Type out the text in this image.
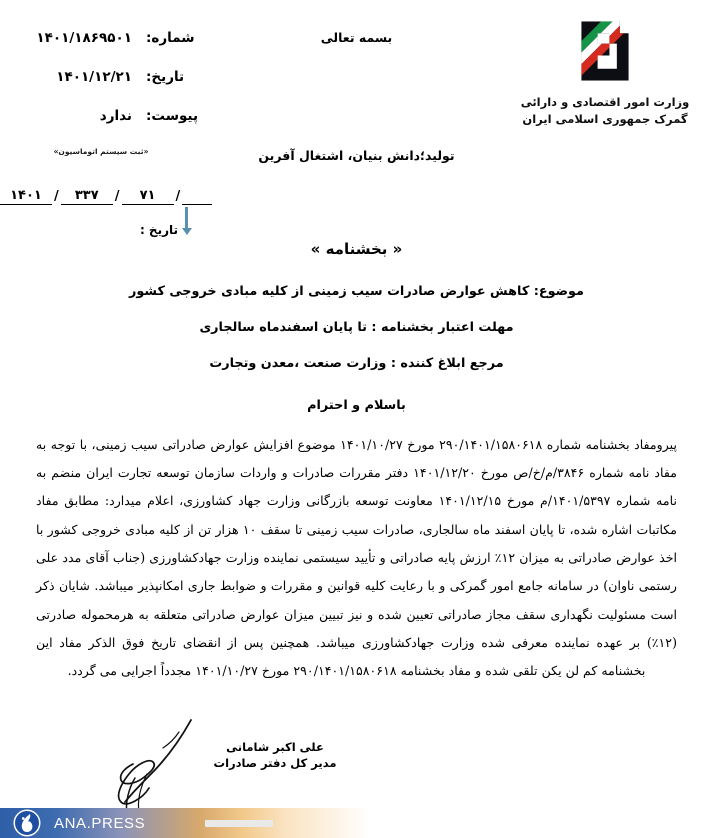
وزارت امور اقتصادی و دارائی
گمرک جمهوری اسلامی ایران
بسمه تعالی
تولید؛دانش بنیان، اشتغال آفرین
شماره:
۱۴۰۱/۱۸۶۹۵۰۱
تاریخ:
۱۴۰۱/۱۲/۲۱
پیوست:
ندارد
«ثبت سیستم اتوماسیون»
۱۴۰۱ /	۳۳۷	/	۷۱	/
تاریخ :
« بخشنامه »
موضوع: کاهش عوارض صادرات سیب زمینی از کلیه مبادی خروجی کشور
مهلت اعتبار بخشنامه : تا پایان اسفندماه سالجاری
مرجع ابلاغ کننده : وزارت صنعت ،معدن وتجارت
باسلام و احترام

پیرومفاد بخشنامه شماره ۲۹۰/۱۴۰۱/۱۵۸۰۶۱۸ مورخ ۱۴۰۱/۱۰/۲۷ موضوع افزایش عوارض صادراتی سیب زمینی، با توجه به مفاد نامه شماره ۳۸۴۶/م/خ/ص مورخ ۱۴۰۱/۱۲/۲۰ دفتر مقررات صادرات و واردات سازمان توسعه تجارت ایران منضم به نامه شماره ۱۴۰۱/۵۳۹۷/م مورخ ۱۴۰۱/۱۲/۱۵ معاونت توسعه بازرگانی وزارت جهاد کشاورزی، اعلام میدارد: مطابق مفاد مکاتبات اشاره شده، تا پایان اسفند ماه سالجاری، صادرات سیب زمینی تا سقف ۱۰ هزار تن از کلیه مبادی خروجی کشور با اخذ عوارض صادراتی به میزان ۱۲٪ ارزش پایه صادراتی و تأیید سیستمی نماینده وزارت جهادکشاورزی (جناب آقای مدد علی رستمی ناوان) در سامانه جامع امور گمرکی و با رعایت کلیه قوانین و مقررات و ضوابط جاری امکانپذیر میباشد. شایان ذکر است مسئولیت نگهداری سقف مجاز صادراتی تعیین شده و نیز تبیین میزان عوارض صادراتی متعلقه به هرمحموله صادرتی (۱۲٪) بر عهده نماینده معرفی شده وزارت جهادکشاورزی میباشد. همچنین پس از انقضای تاریخ فوق الذکر مفاد این بخشنامه کم لن یکن تلقی شده و مفاد بخشنامه ۲۹۰/۱۴۰۱/۱۵۸۰۶۱۸ مورخ ۱۴۰۱/۱۰/۲۷ مجدداً اجرایی می گردد.

علی اکبر شامانی
مدیر کل دفتر صادرات
ANA.PRESS
